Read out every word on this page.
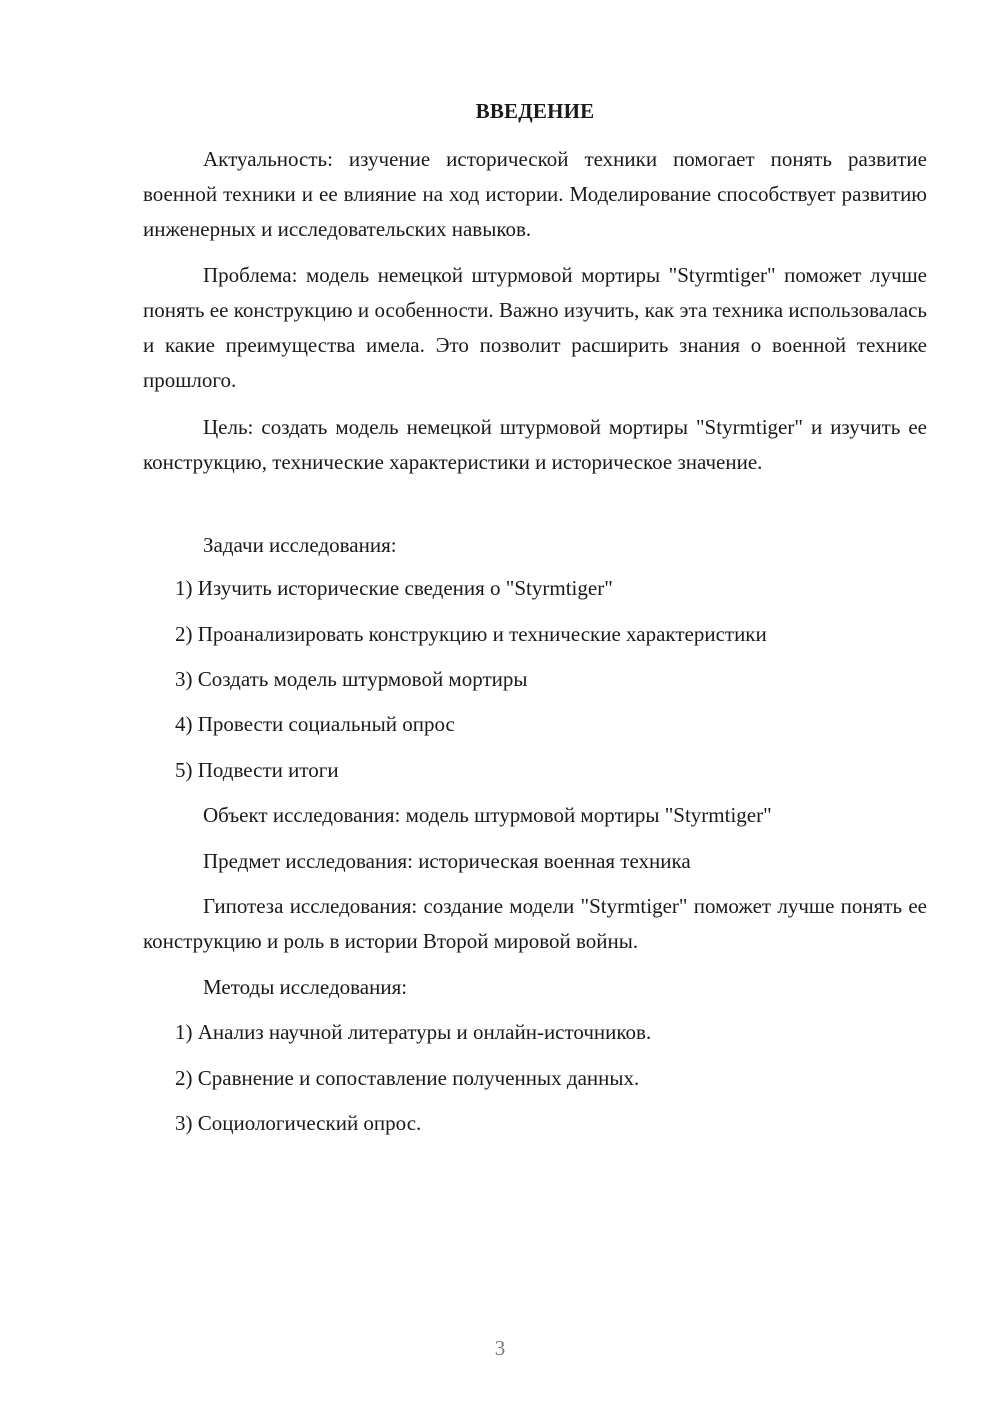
ВВЕДЕНИЕ

Актуальность: изучение исторической техники помогает понять развитие военной техники и ее влияние на ход истории. Моделирование способствует развитию инженерных и исследовательских навыков.

Проблема: модель немецкой штурмовой мортиры "Styrmtiger" поможет лучше понять ее конструкцию и особенности. Важно изучить, как эта техника использовалась и какие преимущества имела. Это позволит расширить знания о военной технике прошлого.

Цель: создать модель немецкой штурмовой мортиры "Styrmtiger" и изучить ее конструкцию, технические характеристики и историческое значение.

Задачи исследования:
1) Изучить исторические сведения о "Styrmtiger"
2) Проанализировать конструкцию и технические характеристики
3) Создать модель штурмовой мортиры
4) Провести социальный опрос
5) Подвести итоги
Объект исследования: модель штурмовой мортиры "Styrmtiger"
Предмет исследования: историческая военная техника

Гипотеза исследования: создание модели "Styrmtiger" поможет лучше понять ее конструкцию и роль в истории Второй мировой войны.

Методы исследования:
1) Анализ научной литературы и онлайн-источников.
2) Сравнение и сопоставление полученных данных.
3) Социологический опрос.
3
